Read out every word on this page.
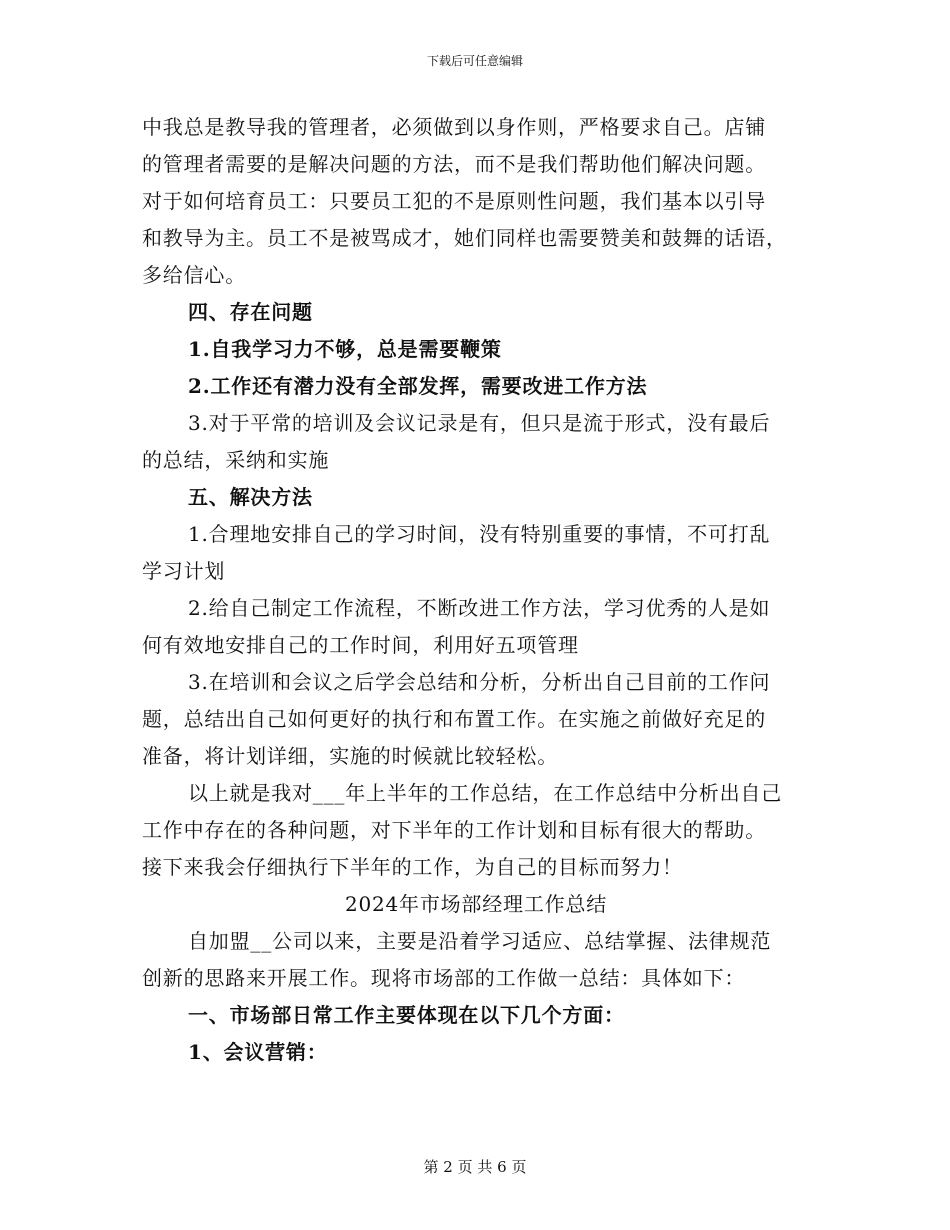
下载后可任意编辑
中我总是教导我的管理者，必须做到以身作则，严格要求自己。店铺
的管理者需要的是解决问题的方法，而不是我们帮助他们解决问题。
对于如何培育员工：只要员工犯的不是原则性问题，我们基本以引导
和教导为主。员工不是被骂成才，她们同样也需要赞美和鼓舞的话语，
多给信心。
四、存在问题
1.自我学习力不够，总是需要鞭策
2.工作还有潜力没有全部发挥，需要改进工作方法
3.对于平常的培训及会议记录是有，但只是流于形式，没有最后
的总结，采纳和实施
五、解决方法
1.合理地安排自己的学习时间，没有特别重要的事情，不可打乱
学习计划
2.给自己制定工作流程，不断改进工作方法，学习优秀的人是如
何有效地安排自己的工作时间，利用好五项管理
3.在培训和会议之后学会总结和分析，分析出自己目前的工作问
题，总结出自己如何更好的执行和布置工作。在实施之前做好充足的
准备，将计划详细，实施的时候就比较轻松。
以上就是我对___年上半年的工作总结，在工作总结中分析出自己
工作中存在的各种问题，对下半年的工作计划和目标有很大的帮助。
接下来我会仔细执行下半年的工作，为自己的目标而努力！
2024年市场部经理工作总结
自加盟__公司以来，主要是沿着学习适应、总结掌握、法律规范
创新的思路来开展工作。现将市场部的工作做一总结：具体如下：
一、市场部日常工作主要体现在以下几个方面：
1、会议营销：
第 2 页 共 6 页
